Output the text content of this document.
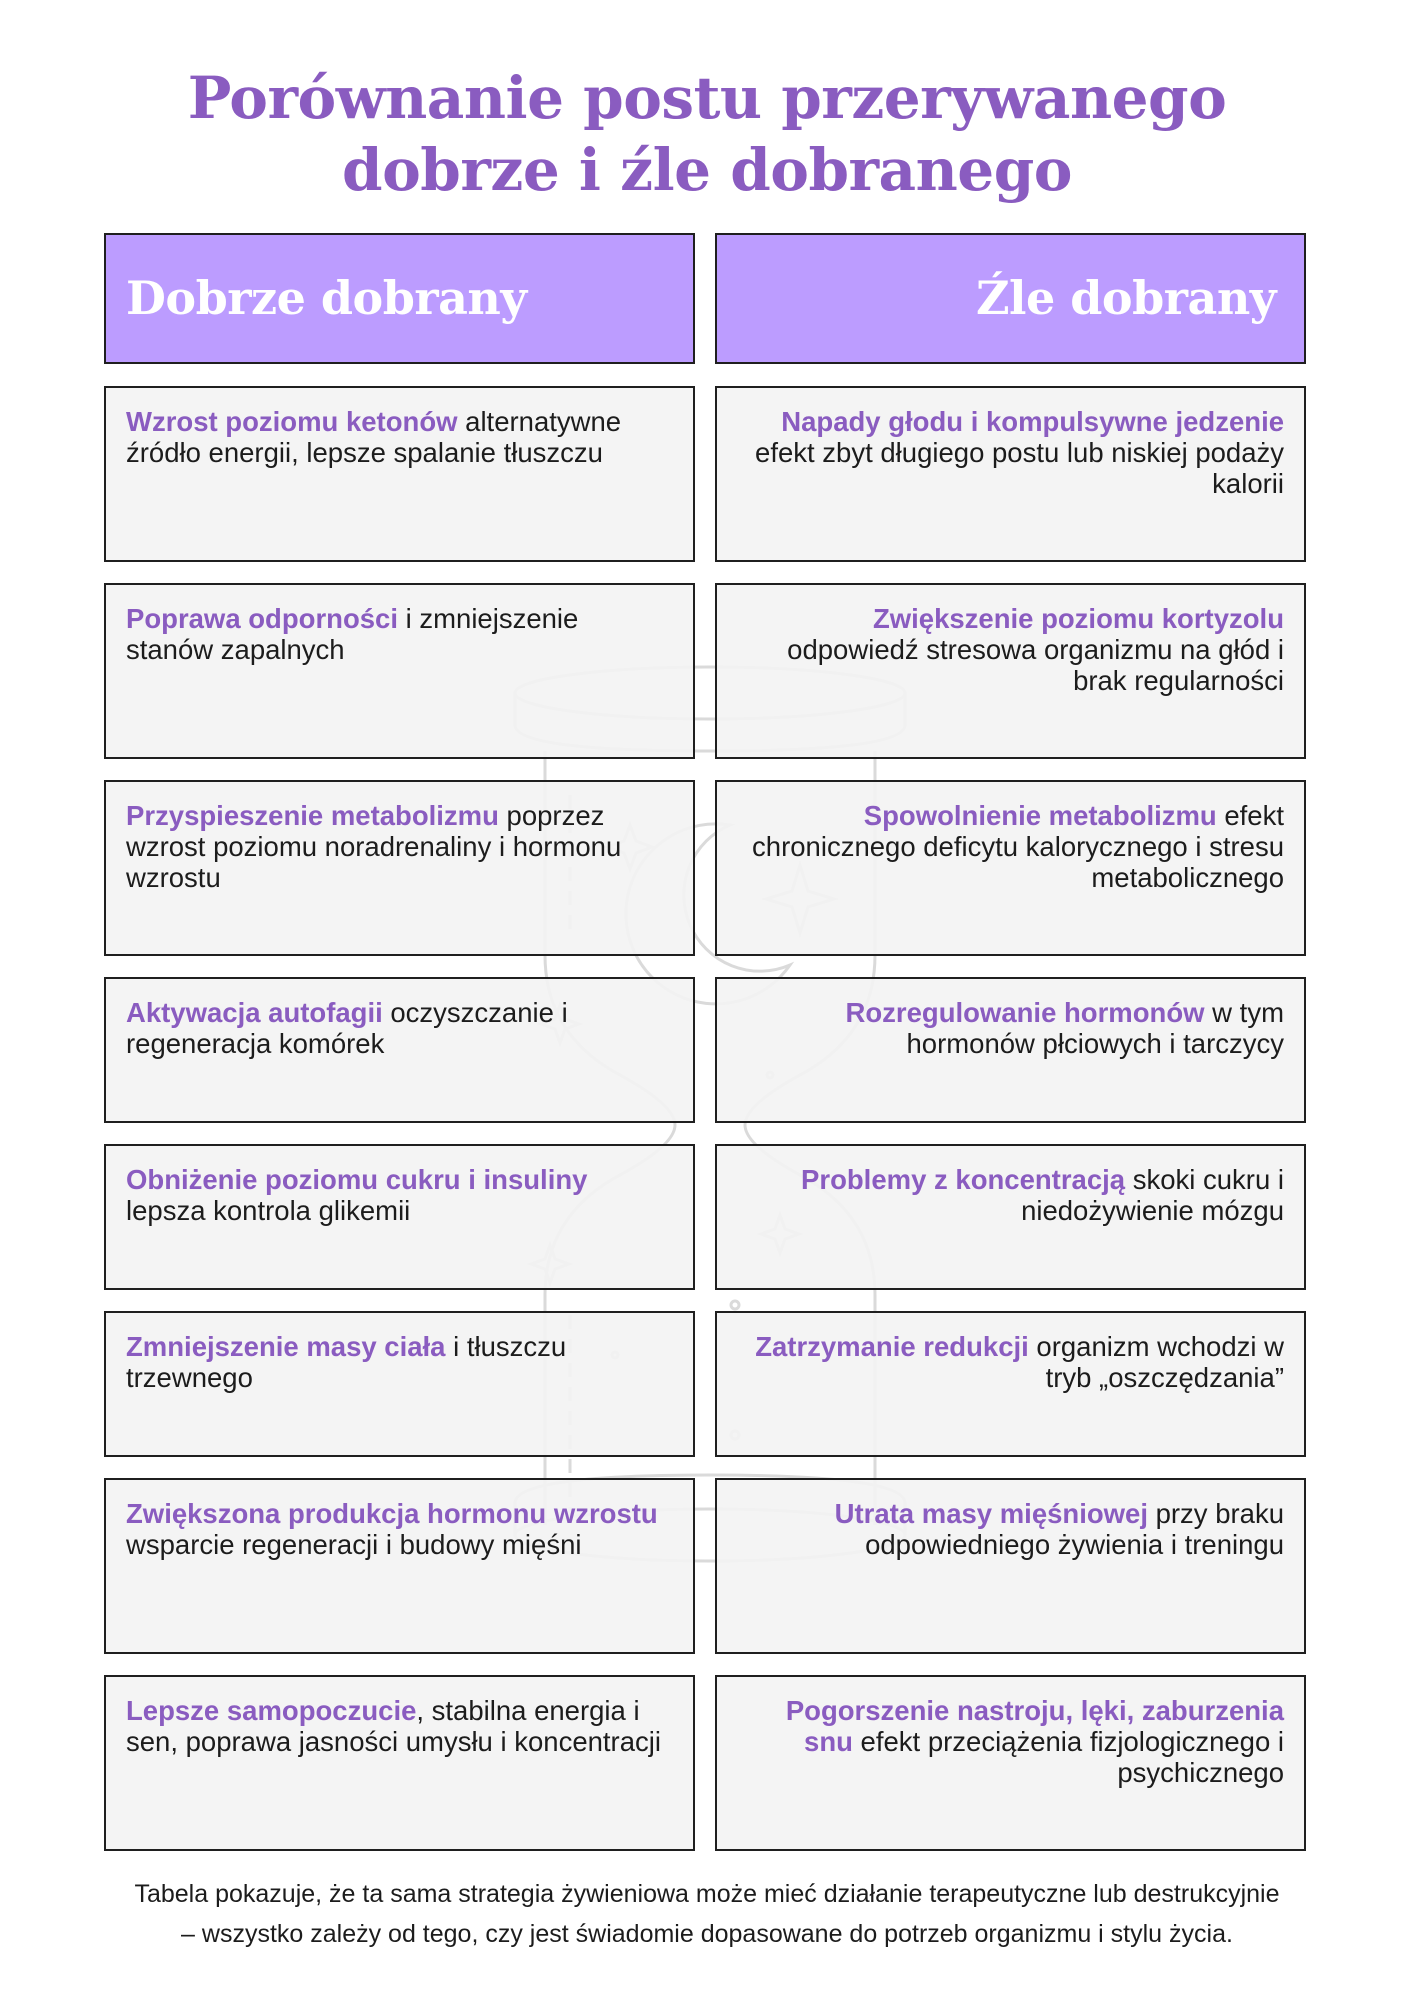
Porównanie postu przerywanego
dobrze i źle dobranego
Dobrze dobrany	Źle dobrany
Wzrost poziomu ketonów alternatywne źródło energii, lepsze spalanie tłuszczu
Poprawa odporności i zmniejszenie stanów zapalnych
Przyspieszenie metabolizmu poprzez wzrost poziomu noradrenaliny i hormonu wzrostu
Aktywacja autofagii oczyszczanie i regeneracja komórek
Obniżenie poziomu cukru i insuliny lepsza kontrola glikemii
Zmniejszenie masy ciała i tłuszczu trzewnego
Zwiększona produkcja hormonu wzrostu wsparcie regeneracji i budowy mięśni
Lepsze samopoczucie, stabilna energia i sen, poprawa jasności umysłu i koncentracji
Napady głodu i kompulsywne jedzenie efekt zbyt długiego postu lub niskiej podaży kalorii
Zwiększenie poziomu kortyzolu odpowiedź stresowa organizmu na głód i brak regularności
Spowolnienie metabolizmu efekt chronicznego deficytu kalorycznego i stresu metabolicznego
Rozregulowanie hormonów w tym hormonów płciowych i tarczycy
Problemy z koncentracją skoki cukru i niedożywienie mózgu
Zatrzymanie redukcji organizm wchodzi w tryb „oszczędzania”
Utrata masy mięśniowej przy braku odpowiedniego żywienia i treningu
Pogorszenie nastroju, lęki, zaburzenia snu efekt przeciążenia fizjologicznego i psychicznego
Tabela pokazuje, że ta sama strategia żywieniowa może mieć działanie terapeutyczne lub destrukcyjnie
– wszystko zależy od tego, czy jest świadomie dopasowane do potrzeb organizmu i stylu życia.
